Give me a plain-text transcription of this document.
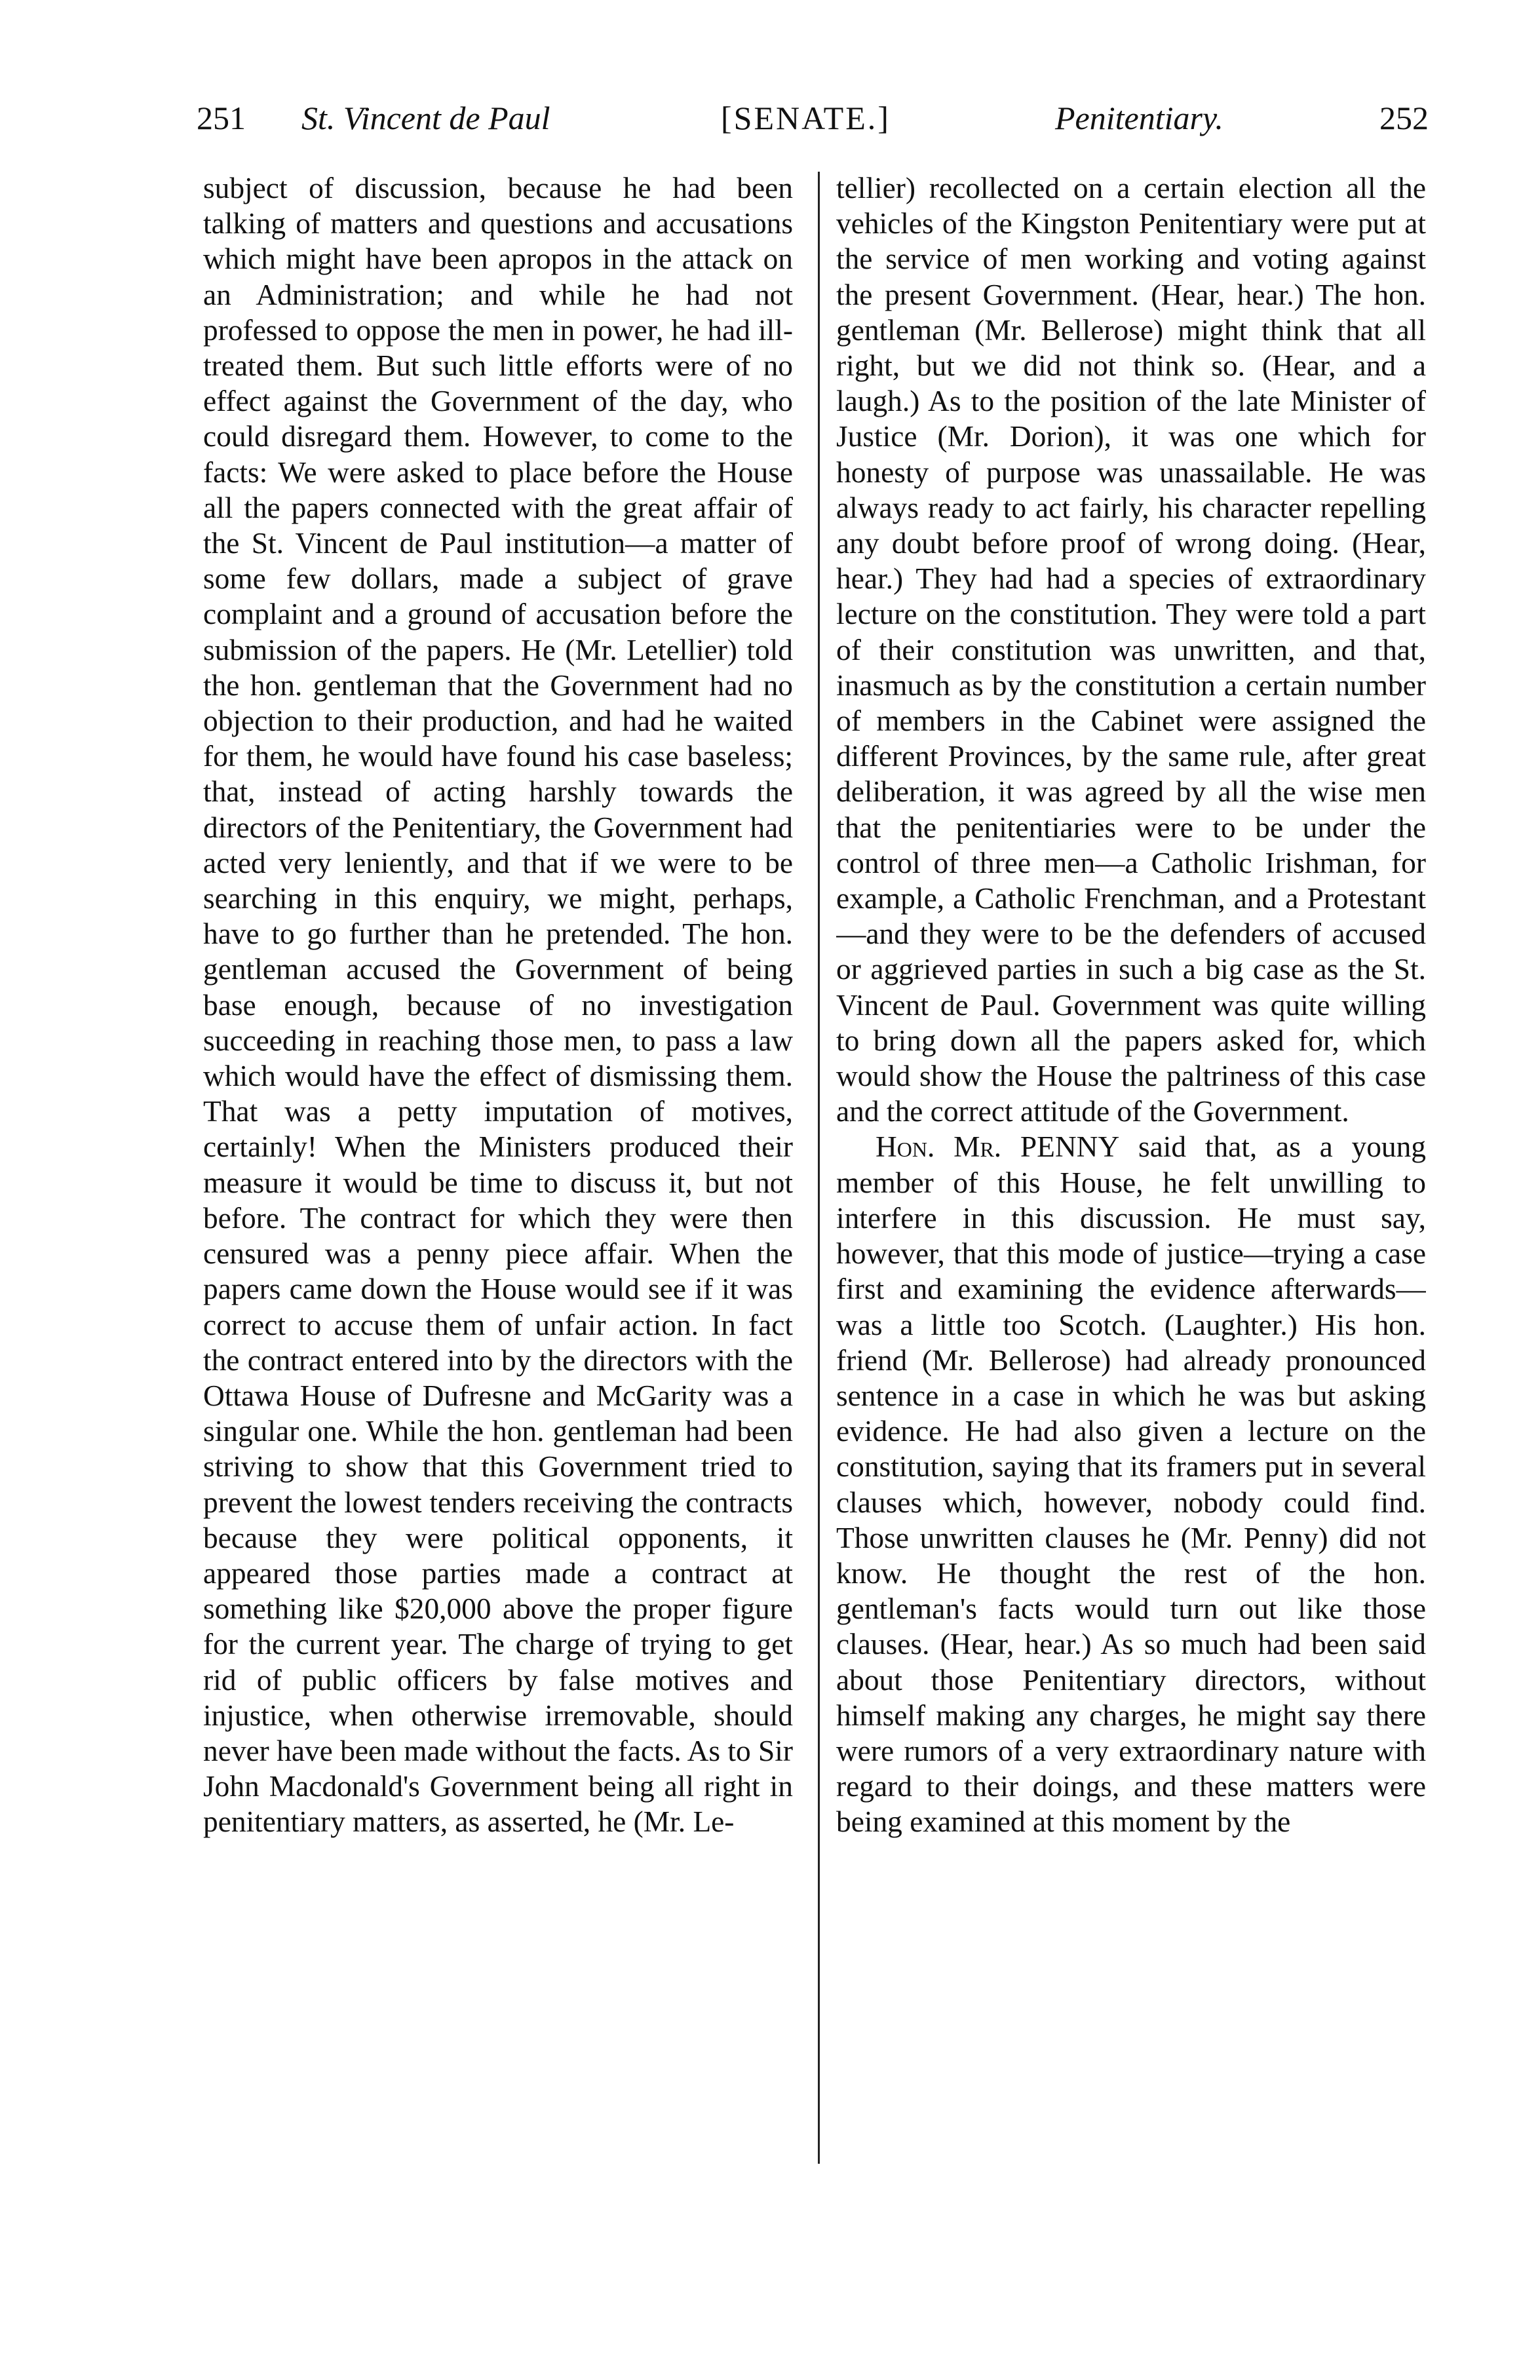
251 St. Vincent de Paul	[SENATE.]	Penitentiary.	252

subject of discussion, because he had been talking of matters and questions and accusations which might have been apropos in the attack on an Administration; and while he had not professed to oppose the men in power, he had ill-treated them. But such little efforts were of no effect against the Government of the day, who could disregard them. However, to come to the facts: We were asked to place before the House all the papers connected with the great affair of the St. Vincent de Paul institution—a matter of some few dollars, made a subject of grave complaint and a ground of accusation before the submission of the papers. He (Mr. Letellier) told the hon. gentleman that the Government had no objection to their production, and had he waited for them, he would have found his case baseless; that, instead of acting harshly towards the directors of the Penitentiary, the Government had acted very leniently, and that if we were to be searching in this enquiry, we might, perhaps, have to go further than he pretended. The hon. gentleman accused the Government of being base enough, because of no investigation succeeding in reaching those men, to pass a law which would have the effect of dismissing them. That was a petty imputation of motives, certainly! When the Ministers produced their measure it would be time to discuss it, but not before. The contract for which they were then censured was a penny piece affair. When the papers came down the House would see if it was correct to accuse them of unfair action. In fact the contract entered into by the directors with the Ottawa House of Dufresne and McGarity was a singular one. While the hon. gentleman had been striving to show that this Government tried to prevent the lowest tenders receiving the contracts because they were political opponents, it appeared those parties made a contract at something like $20,000 above the proper figure for the current year. The charge of trying to get rid of public officers by false motives and injustice, when otherwise irremovable, should never have been made without the facts. As to Sir John Macdonald's Government being all right in penitentiary matters, as asserted, he (Mr. Le-

tellier) recollected on a certain election all the vehicles of the Kingston Penitentiary were put at the service of men working and voting against the present Government. (Hear, hear.) The hon. gentleman (Mr. Bellerose) might think that all right, but we did not think so. (Hear, and a laugh.) As to the position of the late Minister of Justice (Mr. Dorion), it was one which for honesty of purpose was unassailable. He was always ready to act fairly, his character repelling any doubt before proof of wrong doing. (Hear, hear.) They had had a species of extraordinary lecture on the constitution. They were told a part of their constitution was unwritten, and that, inasmuch as by the constitution a certain number of members in the Cabinet were assigned the different Provinces, by the same rule, after great deliberation, it was agreed by all the wise men that the penitentiaries were to be under the control of three men—a Catholic Irishman, for example, a Catholic Frenchman, and a Protestant—and they were to be the defenders of accused or aggrieved parties in such a big case as the St. Vincent de Paul. Government was quite willing to bring down all the papers asked for, which would show the House the paltriness of this case and the correct attitude of the Government.

Hon. Mr. PENNY said that, as a young member of this House, he felt unwilling to interfere in this discussion. He must say, however, that this mode of justice—trying a case first and examining the evidence afterwards—was a little too Scotch. (Laughter.) His hon. friend (Mr. Bellerose) had already pronounced sentence in a case in which he was but asking evidence. He had also given a lecture on the constitution, saying that its framers put in several clauses which, however, nobody could find. Those unwritten clauses he (Mr. Penny) did not know. He thought the rest of the hon. gentleman's facts would turn out like those clauses. (Hear, hear.) As so much had been said about those Penitentiary directors, without himself making any charges, he might say there were rumors of a very extraordinary nature with regard to their doings, and these matters were being examined at this moment by the
